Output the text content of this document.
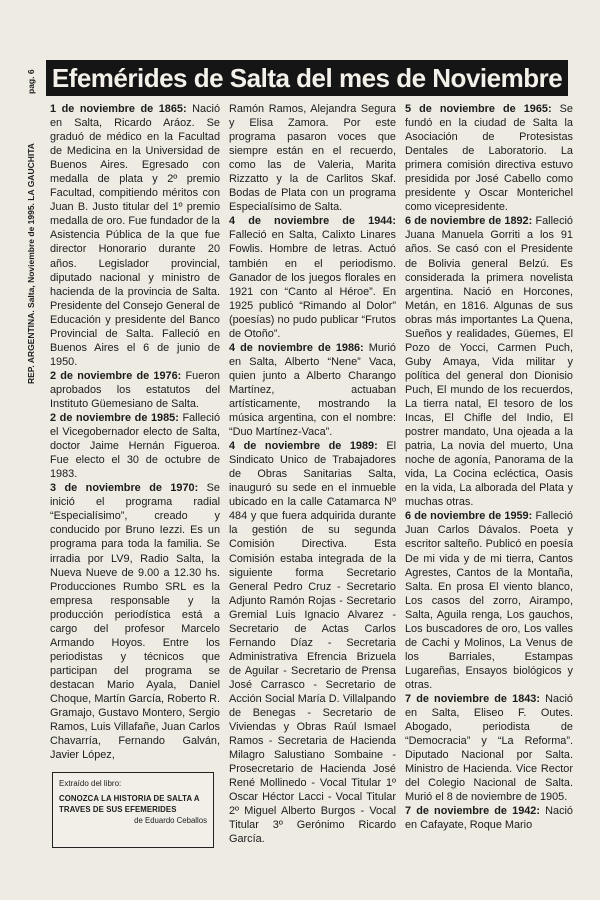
pag. 6
REP. ARGENTINA. Salta, Noviembre de 1995. LA GAUCHITA
Efemérides de Salta del mes de Noviembre

1 de noviembre de 1865: Nació en Salta, Ricardo Aráoz. Se graduó de médico en la Facultad de Medicina en la Universidad de Buenos Aires. Egresado con medalla de plata y 2º premio Facultad, compitiendo méritos con Juan B. Justo titular del 1º premio medalla de oro. Fue fundador de la Asistencia Pública de la que fue director Honorario durante 20 años. Legislador provincial, diputado nacional y ministro de hacienda de la provincia de Salta. Presidente del Consejo General de Educación y presidente del Banco Provincial de Salta. Falleció en Buenos Aires el 6 de junio de 1950.

2 de noviembre de 1976: Fueron aprobados los estatutos del Instituto Güemesiano de Salta.

2 de noviembre de 1985: Falleció el Vicegobernador electo de Salta, doctor Jaime Hernán Figueroa. Fue electo el 30 de octubre de 1983.

3 de noviembre de 1970: Se inició el programa radial “Especialísimo”, creado y conducido por Bruno Iezzi. Es un programa para toda la familia. Se irradia por LV9, Radio Salta, la Nueva Nueve de 9.00 a 12.30 hs. Producciones Rumbo SRL es la empresa responsable y la producción periodística está a cargo del profesor Marcelo Armando Hoyos. Entre los periodistas y técnicos que participan del programa se destacan Mario Ayala, Daniel Choque, Martín García, Roberto R. Gramajo, Gustavo Montero, Sergio Ramos, Luis Villafañe, Juan Carlos Chavarría, Fernando Galván, Javier López,

Ramón Ramos, Alejandra Segura y Elisa Zamora. Por este programa pasaron voces que siempre están en el recuerdo, como las de Valeria, Marita Rizzatto y la de Carlitos Skaf. Bodas de Plata con un programa Especialísimo de Salta.

4 de noviembre de 1944: Falleció en Salta, Calixto Linares Fowlis. Hombre de letras. Actuó también en el periodismo. Ganador de los juegos florales en 1921 con “Canto al Héroe”. En 1925 publicó “Rimando al Dolor” (poesías) no pudo publicar “Frutos de Otoño”.

4 de noviembre de 1986: Murió en Salta, Alberto “Nene” Vaca, quien junto a Alberto Charango Martínez, actuaban artísticamente, mostrando la música argentina, con el nombre: “Duo Martínez-Vaca”.

4 de noviembre de 1989: El Sindicato Unico de Trabajadores de Obras Sanitarias Salta, inauguró su sede en el inmueble ubicado en la calle Catamarca Nº 484 y que fuera adquirida durante la gestión de su segunda Comisión Directiva. Esta Comisión estaba integrada de la siguiente forma Secretario General Pedro Cruz - Secretario Adjunto Ramón Rojas - Secretario Gremial Luis Ignacio Alvarez - Secretario de Actas Carlos Fernando Díaz - Secretaria Administrativa Efrencia Brizuela de Aguilar - Secretario de Prensa José Carrasco - Secretario de Acción Social María D. Villalpando de Benegas - Secretario de Viviendas y Obras Raúl Ismael Ramos - Secretaria de Hacienda Milagro Salustiano Sombaine - Prosecretario de Hacienda José René Mollinedo - Vocal Titular 1º Oscar Héctor Lacci - Vocal Titular 2º Miguel Alberto Burgos - Vocal Titular 3º Gerónimo Ricardo García.

5 de noviembre de 1965: Se fundó en la ciudad de Salta la Asociación de Protesistas Dentales de Laboratorio. La primera comisión directiva estuvo presidida por José Cabello como presidente y Oscar Monterichel como vicepresidente.

6 de noviembre de 1892: Falleció Juana Manuela Gorriti a los 91 años. Se casó con el Presidente de Bolivia general Belzú. Es considerada la primera novelista argentina. Nació en Horcones, Metán, en 1816. Algunas de sus obras más importantes La Quena, Sueños y realidades, Güemes, El Pozo de Yocci, Carmen Puch, Guby Amaya, Vida militar y política del general don Dionisio Puch, El mundo de los recuerdos, La tierra natal, El tesoro de los Incas, El Chifle del Indio, El postrer mandato, Una ojeada a la patria, La novia del muerto, Una noche de agonía, Panorama de la vida, La Cocina ecléctica, Oasis en la vida, La alborada del Plata y muchas otras.

6 de noviembre de 1959: Falleció Juan Carlos Dávalos. Poeta y escritor salteño. Publicó en poesía De mi vida y de mi tierra, Cantos Agrestes, Cantos de la Montaña, Salta. En prosa El viento blanco, Los casos del zorro, Airampo, Salta, Aguila renga, Los gauchos, Los buscadores de oro, Los valles de Cachi y Molinos, La Venus de los Barriales, Estampas Lugareñas, Ensayos biológicos y otras.

7 de noviembre de 1843: Nació en Salta, Eliseo F. Outes. Abogado, periodista de “Democracia” y “La Reforma”. Diputado Nacional por Salta. Ministro de Hacienda. Vice Rector del Colegio Nacional de Salta. Murió el 8 de noviembre de 1905.

7 de noviembre de 1942: Nació en Cafayate, Roque Mario

Extraído del libro:
CONOZCA LA HISTORIA DE SALTA A TRAVES DE SUS EFEMERIDES
de Eduardo Ceballos
